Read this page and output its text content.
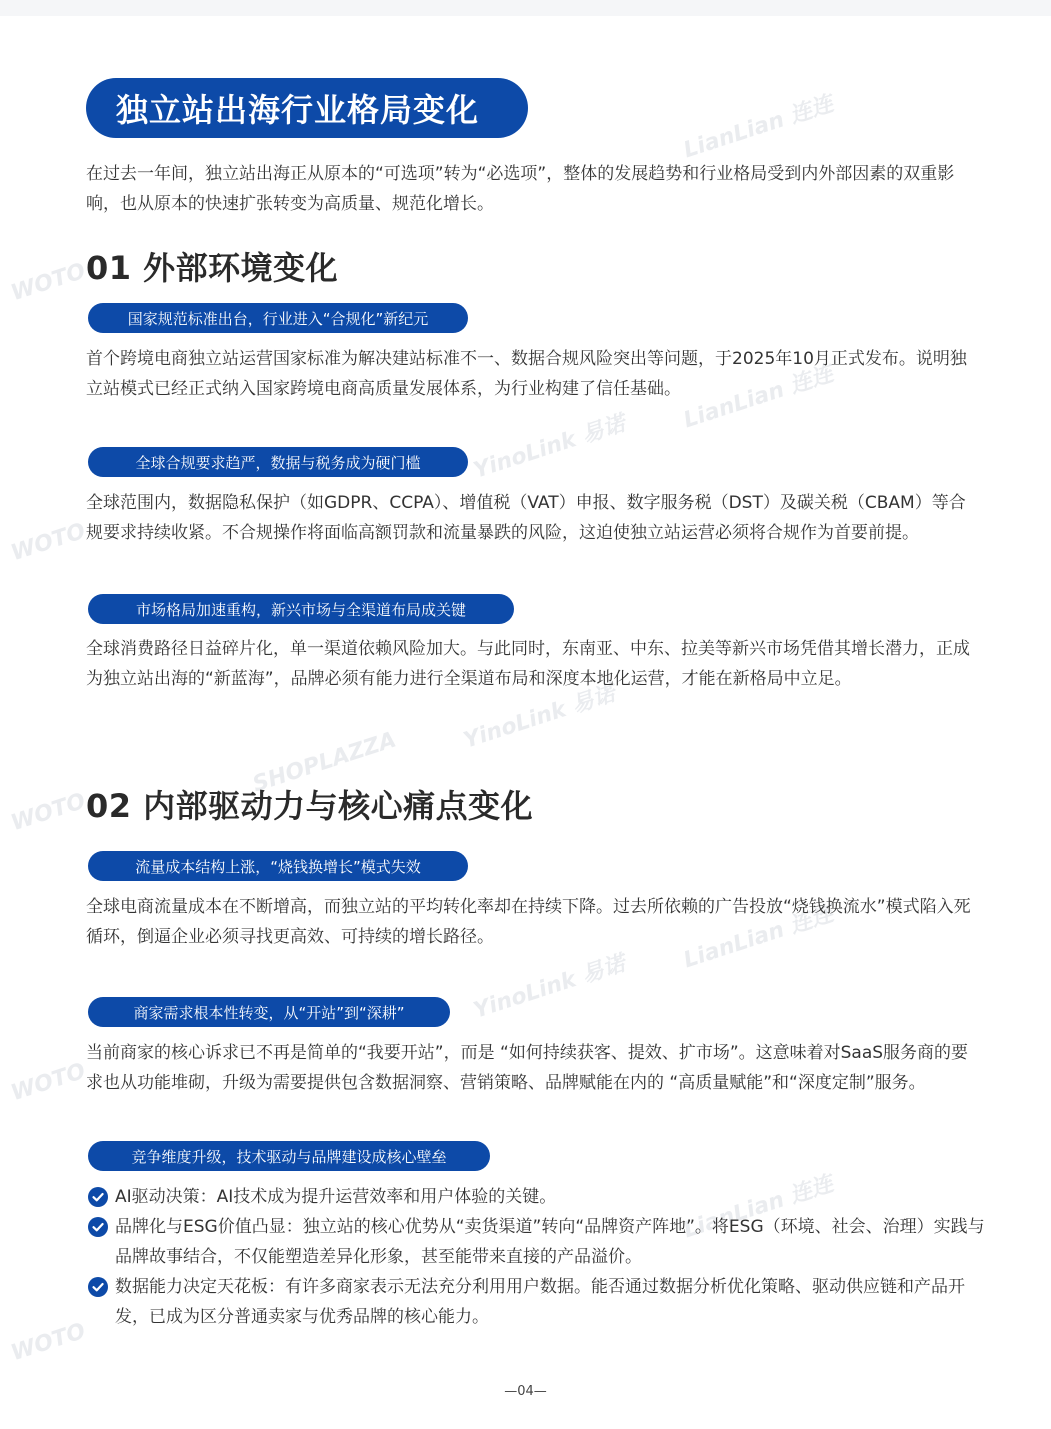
LianLian 连连
LianLian 连连
YinoLink 易诺
YinoLink 易诺
SHOPLAZZA
WOTO
WOTO
WOTO
LianLian 连连
YinoLink 易诺
WOTO
LianLian 连连
WOTO
独立站出海行业格局变化
在过去一年间，独立站出海正从原本的“可选项”转为“必选项”，整体的发展趋势和行业格局受到内外部因素的双重影响，也从原本的快速扩张转变为高质量、规范化增长。
01 外部环境变化
国家规范标准出台，行业进入“合规化”新纪元
首个跨境电商独立站运营国家标准为解决建站标准不一、数据合规风险突出等问题，于2025年10月正式发布。说明独立站模式已经正式纳入国家跨境电商高质量发展体系，为行业构建了信任基础。
全球合规要求趋严，数据与税务成为硬门槛
全球范围内，数据隐私保护（如GDPR、CCPA）、增值税（VAT）申报、数字服务税（DST）及碳关税（CBAM）等合规要求持续收紧。不合规操作将面临高额罚款和流量暴跌的风险，这迫使独立站运营必须将合规作为首要前提。
市场格局加速重构，新兴市场与全渠道布局成关键
全球消费路径日益碎片化，单一渠道依赖风险加大。与此同时，东南亚、中东、拉美等新兴市场凭借其增长潜力，正成为独立站出海的“新蓝海”，品牌必须有能力进行全渠道布局和深度本地化运营，才能在新格局中立足。
02 内部驱动力与核心痛点变化
流量成本结构上涨，“烧钱换增长”模式失效
全球电商流量成本在不断增高，而独立站的平均转化率却在持续下降。过去所依赖的广告投放“烧钱换流水”模式陷入死循环，倒逼企业必须寻找更高效、可持续的增长路径。
商家需求根本性转变，从“开站”到“深耕”
当前商家的核心诉求已不再是简单的“我要开站”，而是 “如何持续获客、提效、扩市场”。这意味着对SaaS服务商的要求也从功能堆砌，升级为需要提供包含数据洞察、营销策略、品牌赋能在内的 “高质量赋能”和“深度定制”服务。
竞争维度升级，技术驱动与品牌建设成核心壁垒
AI驱动决策：AI技术成为提升运营效率和用户体验的关键。
品牌化与ESG价值凸显：独立站的核心优势从“卖货渠道”转向“品牌资产阵地”。将ESG（环境、社会、治理）实践与品牌故事结合，不仅能塑造差异化形象，甚至能带来直接的产品溢价。
数据能力决定天花板：有许多商家表示无法充分利用用户数据。能否通过数据分析优化策略、驱动供应链和产品开发，已成为区分普通卖家与优秀品牌的核心能力。
—04—
